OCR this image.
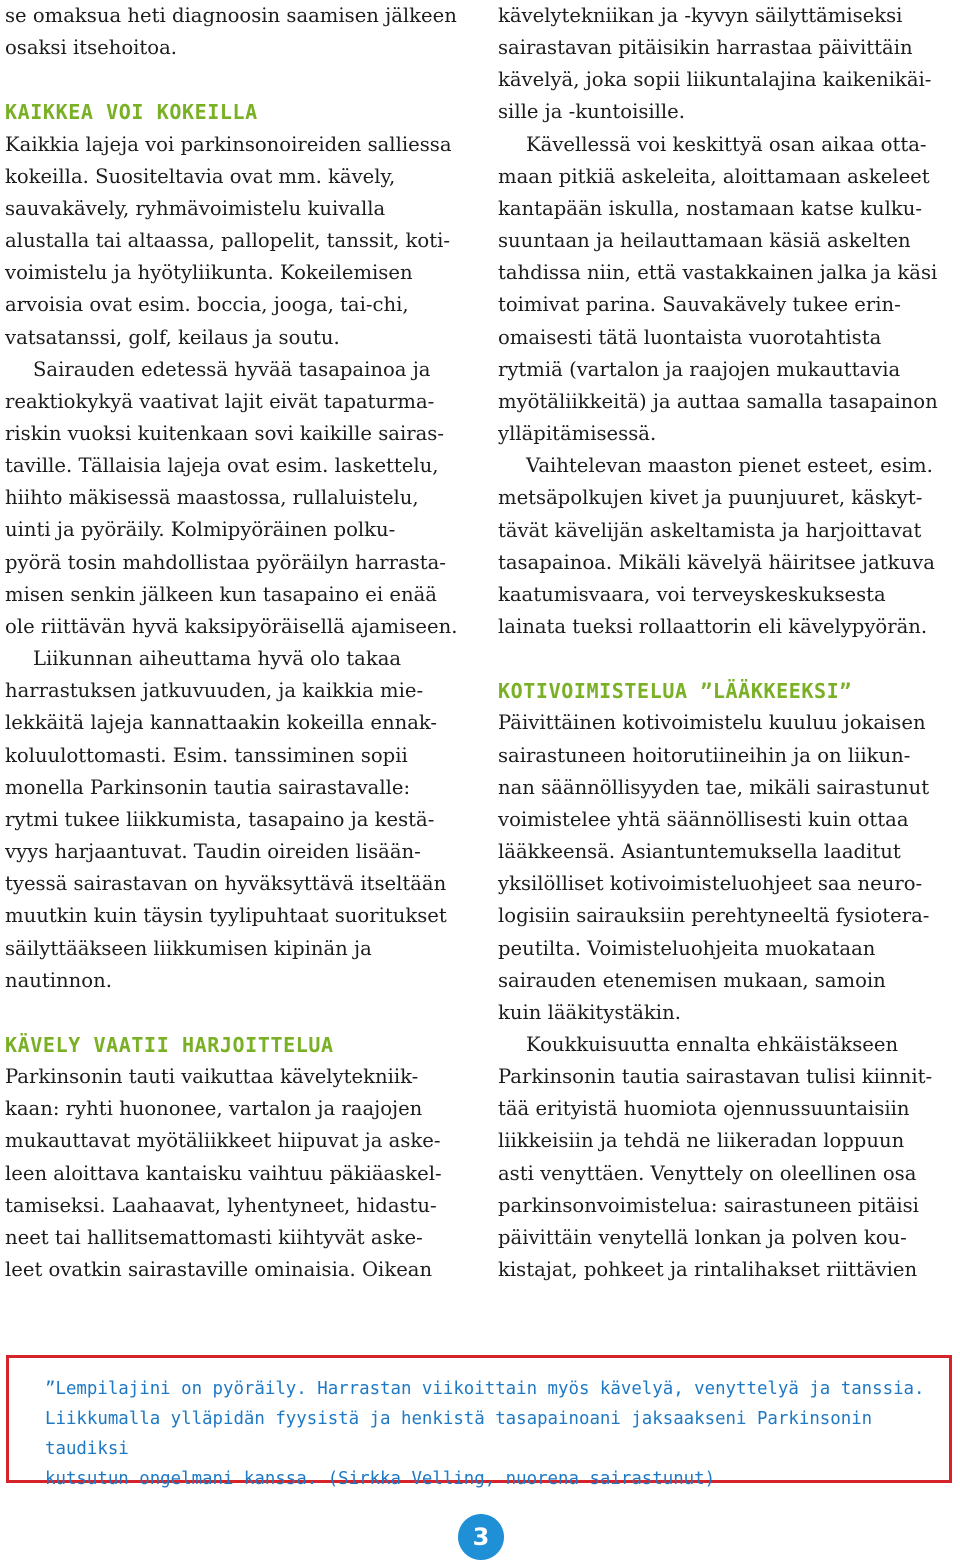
se omaksua heti diagnoosin saamisen jälkeen
osaksi itsehoitoa.

KAIKKEA VOI KOKEILLA

Kaikkia lajeja voi parkinsonoireiden salliessa
kokeilla. Suositeltavia ovat mm. kävely,
sauvakävely, ryhmävoimistelu kuivalla
alustalla tai altaassa, pallopelit, tanssit, koti-
voimistelu ja hyötyliikunta. Kokeilemisen
arvoisia ovat esim. boccia, jooga, tai-chi,
vatsatanssi, golf, keilaus ja soutu.

Sairauden edetessä hyvää tasapainoa ja
reaktiokykyä vaativat lajit eivät tapaturma-
riskin vuoksi kuitenkaan sovi kaikille sairas-
taville. Tällaisia lajeja ovat esim. laskettelu,
hiihto mäkisessä maastossa, rullaluistelu,
uinti ja pyöräily. Kolmipyöräinen polku-
pyörä tosin mahdollistaa pyöräilyn harrasta-
misen senkin jälkeen kun tasapaino ei enää
ole riittävän hyvä kaksipyöräisellä ajamiseen.

Liikunnan aiheuttama hyvä olo takaa
harrastuksen jatkuvuuden, ja kaikkia mie-
lekkäitä lajeja kannattaakin kokeilla ennak-
koluulottomasti. Esim. tanssiminen sopii
monella Parkinsonin tautia sairastavalle:
rytmi tukee liikkumista, tasapaino ja kestä-
vyys harjaantuvat. Taudin oireiden lisään-
tyessä sairastavan on hyväksyttävä itseltään
muutkin kuin täysin tyylipuhtaat suoritukset
säilyttääkseen liikkumisen kipinän ja
nautinnon.

KÄVELY VAATII HARJOITTELUA

Parkinsonin tauti vaikuttaa kävelytekniik-
kaan: ryhti huononee, vartalon ja raajojen
mukauttavat myötäliikkeet hiipuvat ja aske-
leen aloittava kantaisku vaihtuu päkiäaskel-
tamiseksi. Laahaavat, lyhentyneet, hidastu-
neet tai hallitsemattomasti kiihtyvät aske-
leet ovatkin sairastaville ominaisia. Oikean

kävelytekniikan ja -kyvyn säilyttämiseksi
sairastavan pitäisikin harrastaa päivittäin
kävelyä, joka sopii liikuntalajina kaikenikäi-
sille ja -kuntoisille.

Kävellessä voi keskittyä osan aikaa otta-
maan pitkiä askeleita, aloittamaan askeleet
kantapään iskulla, nostamaan katse kulku-
suuntaan ja heilauttamaan käsiä askelten
tahdissa niin, että vastakkainen jalka ja käsi
toimivat parina. Sauvakävely tukee erin-
omaisesti tätä luontaista vuorotahtista
rytmiä (vartalon ja raajojen mukauttavia
myötäliikkeitä) ja auttaa samalla tasapainon
ylläpitämisessä.

Vaihtelevan maaston pienet esteet, esim.
metsäpolkujen kivet ja puunjuuret, käskyt-
tävät kävelijän askeltamista ja harjoittavat
tasapainoa. Mikäli kävelyä häiritsee jatkuva
kaatumisvaara, voi terveyskeskuksesta
lainata tueksi rollaattorin eli kävelypyörän.

KOTIVOIMISTELUA ”LÄÄKKEEKSI”

Päivittäinen kotivoimistelu kuuluu jokaisen
sairastuneen hoitorutiineihin ja on liikun-
nan säännöllisyyden tae, mikäli sairastunut
voimistelee yhtä säännöllisesti kuin ottaa
lääkkeensä. Asiantuntemuksella laaditut
yksilölliset kotivoimisteluohjeet saa neuro-
logisiin sairauksiin perehtyneeltä fysiotera-
peutilta. Voimisteluohjeita muokataan
sairauden etenemisen mukaan, samoin
kuin lääkitystäkin.

Koukkuisuutta ennalta ehkäistäkseen
Parkinsonin tautia sairastavan tulisi kiinnit-
tää erityistä huomiota ojennussuuntaisiin
liikkeisiin ja tehdä ne liikeradan loppuun
asti venyttäen. Venyttely on oleellinen osa
parkinsonvoimistelua: sairastuneen pitäisi
päivittäin venytellä lonkan ja polven kou-
kistajat, pohkeet ja rintalihakset riittävien

”Lempilajini on pyöräily. Harrastan viikoittain myös kävelyä, venyttelyä ja tanssia.
Liikkumalla ylläpidän fyysistä ja henkistä tasapainoani jaksaakseni Parkinsonin taudiksi
kutsutun ongelmani kanssa. (Sirkka Velling, nuorena sairastunut)
3
